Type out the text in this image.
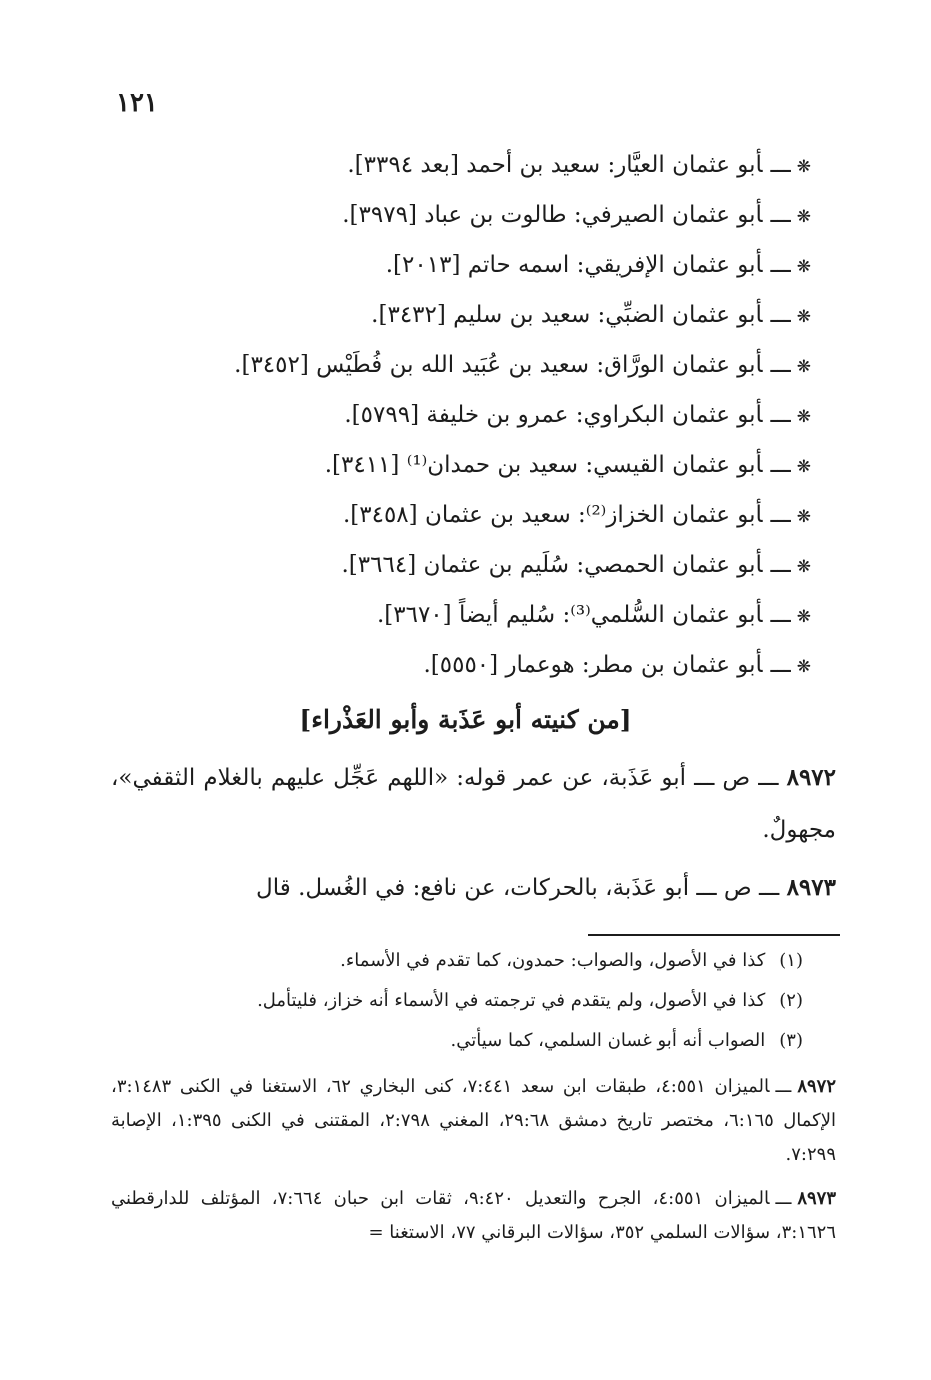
١٢١
❋ـــأبو عثمان العيَّار: سعيد بن أحمد [بعد ٣٣٩٤].
❋ـــأبو عثمان الصيرفي: طالوت بن عباد [٣٩٧٩].
❋ـــأبو عثمان الإفريقي: اسمه حاتم [٢٠١٣].
❋ـــأبو عثمان الضبِّي: سعيد بن سليم [٣٤٣٢].
❋ـــأبو عثمان الورَّاق: سعيد بن عُبَيد الله بن فُطَيْس [٣٤٥٢].
❋ـــأبو عثمان البكراوي: عمرو بن خليفة [٥٧٩٩].
❋ـــأبو عثمان القيسي: سعيد بن حمدان⁽¹⁾ [٣٤١١].
❋ـــأبو عثمان الخزاز⁽²⁾: سعيد بن عثمان [٣٤٥٨].
❋ـــأبو عثمان الحمصي: سُلَيم بن عثمان [٣٦٦٤].
❋ـــأبو عثمان السُّلمي⁽³⁾: سُليم أيضاً [٣٦٧٠].
❋ـــأبو عثمان بن مطر: هوعمار [٥٥٥٠].
[من كنيته أبو عَذَبة وأبو العَذْراء]
٨٩٧٢ ـــ ص ـــ أبو عَذَبة، عن عمر قوله: «اللهم عَجِّل عليهم بالغلام الثقفي»، مجهولٌ.
٨٩٧٣ ـــ ص ـــ أبو عَذَبة، بالحركات، عن نافع: في الغُسل. قال
(١)كذا في الأصول، والصواب: حمدون، كما تقدم في الأسماء.
(٢)كذا في الأصول، ولم يتقدم في ترجمته في الأسماء أنه خزاز، فليتأمل.
(٣)الصواب أنه أبو غسان السلمي، كما سيأتي.
٨٩٧٢ـــالميزان ٤:٥٥١، طبقات ابن سعد ٧:٤٤١، كنى البخاري ٦٢، الاستغنا في الكنى ٣:١٤٨٣، الإكمال ٦:١٦٥، مختصر تاريخ دمشق ٢٩:٦٨، المغني ٢:٧٩٨، المقتنى في الكنى ١:٣٩٥، الإصابة ٧:٢٩٩.
٨٩٧٣ـــالميزان ٤:٥٥١، الجرح والتعديل ٩:٤٢٠، ثقات ابن حبان ٧:٦٦٤، المؤتلف للدارقطني ٣:١٦٢٦، سؤالات السلمي ٣٥٢، سؤالات البرقاني ٧٧، الاستغنا =
